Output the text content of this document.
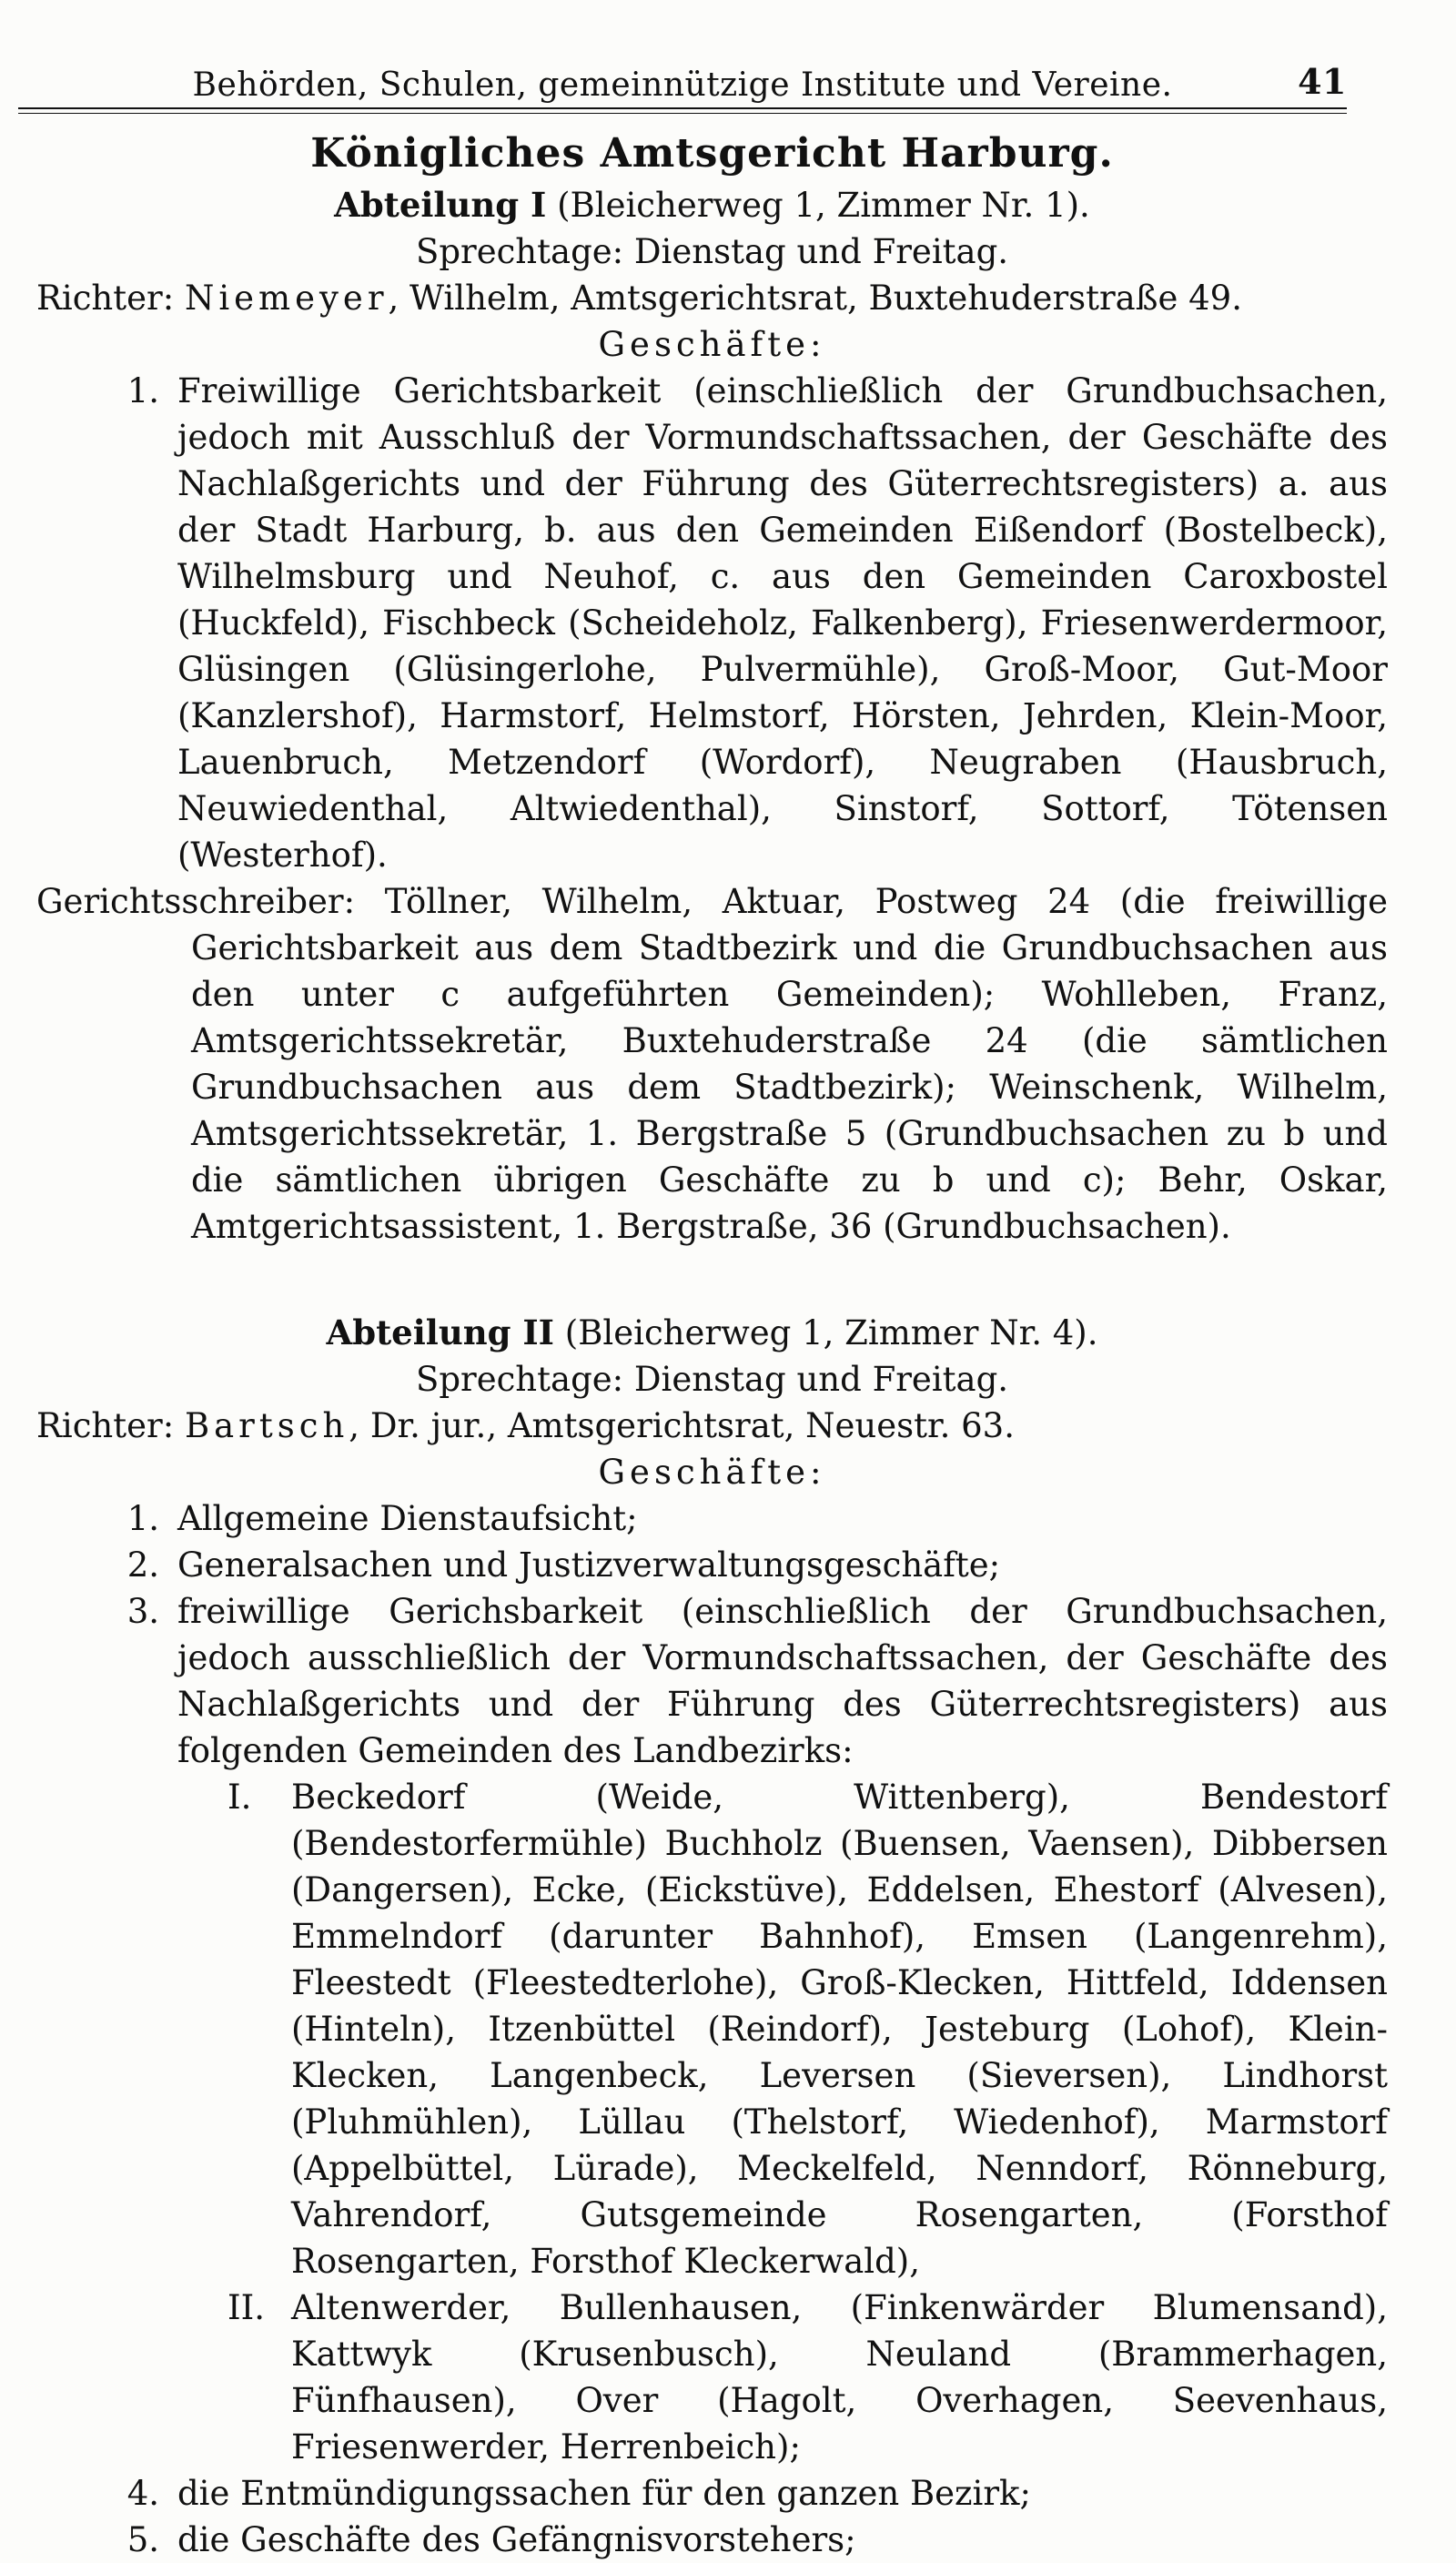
Behörden, Schulen, gemeinnützige Institute und Vereine.	41
Königliches Amtsgericht Harburg.
Abteilung I (Bleicherweg 1, Zimmer Nr. 1).
Sprechtage: Dienstag und Freitag.
Richter: Niemeyer, Wilhelm, Amtsgerichtsrat, Buxtehuderstraße 49.
Geschäfte:
1. Freiwillige Gerichtsbarkeit (einschließlich der Grundbuchsachen, jedoch mit Ausschluß der Vormundschaftssachen, der Geschäfte des Nachlaßgerichts und der Führung des Güterrechtsregisters) a. aus der Stadt Harburg, b. aus den Gemeinden Eißendorf (Bostelbeck), Wilhelmsburg und Neuhof, c. aus den Gemeinden Caroxbostel (Huckfeld), Fischbeck (Scheideholz, Falkenberg), Friesenwerdermoor, Glüsingen (Glüsingerlohe, Pulvermühle), Groß-Moor, Gut-Moor (Kanzlershof), Harmstorf, Helmstorf, Hörsten, Jehrden, Klein-Moor, Lauenbruch, Metzendorf (Wordorf), Neugraben (Hausbruch, Neuwiedenthal, Altwiedenthal), Sinstorf, Sottorf, Tötensen (Westerhof).
Gerichtsschreiber: Töllner, Wilhelm, Aktuar, Postweg 24 (die freiwillige Gerichtsbarkeit aus dem Stadtbezirk und die Grundbuchsachen aus den unter c aufgeführten Gemeinden); Wohlleben, Franz, Amtsgerichtssekretär, Buxtehuderstraße 24 (die sämtlichen Grundbuchsachen aus dem Stadtbezirk); Weinschenk, Wilhelm, Amtsgerichtssekretär, 1. Bergstraße 5 (Grundbuchsachen zu b und die sämtlichen übrigen Geschäfte zu b und c); Behr, Oskar, Amtgerichtsassistent, 1. Bergstraße, 36 (Grundbuchsachen).
Abteilung II (Bleicherweg 1, Zimmer Nr. 4).
Sprechtage: Dienstag und Freitag.
Richter: Bartsch, Dr. jur., Amtsgerichtsrat, Neuestr. 63.
Geschäfte:
1. Allgemeine Dienstaufsicht;
2. Generalsachen und Justizverwaltungsgeschäfte;
3. freiwillige Gerichsbarkeit (einschließlich der Grundbuchsachen, jedoch ausschließlich der Vormundschaftssachen, der Geschäfte des Nachlaßgerichts und der Führung des Güterrechtsregisters) aus folgenden Gemeinden des Landbezirks:
I.	Beckedorf (Weide, Wittenberg), Bendestorf (Bendestorfermühle) Buchholz (Buensen, Vaensen), Dibbersen (Dangersen), Ecke, (Eickstüve), Eddelsen, Ehestorf (Alvesen), Emmelndorf (darunter Bahnhof), Emsen (Langenrehm), Fleestedt (Fleestedterlohe), Groß-Klecken, Hittfeld, Iddensen (Hinteln), Itzenbüttel (Reindorf), Jesteburg (Lohof), Klein-Klecken, Langenbeck, Leversen (Sieversen), Lindhorst (Pluhmühlen), Lüllau (Thelstorf, Wiedenhof), Marmstorf (Appelbüttel, Lürade), Meckelfeld, Nenndorf, Rönneburg, Vahrendorf, Gutsgemeinde Rosengarten, (Forsthof Rosengarten, Forsthof Kleckerwald),
II. Altenwerder, Bullenhausen, (Finkenwärder Blumensand), Kattwyk (Krusenbusch), Neuland (Brammerhagen, Fünfhausen), Over (Hagolt, Overhagen, Seevenhaus, Friesenwerder, Herrenbeich);
4. die Entmündigungssachen für den ganzen Bezirk;
5. die Geschäfte des Gefängnisvorstehers;
